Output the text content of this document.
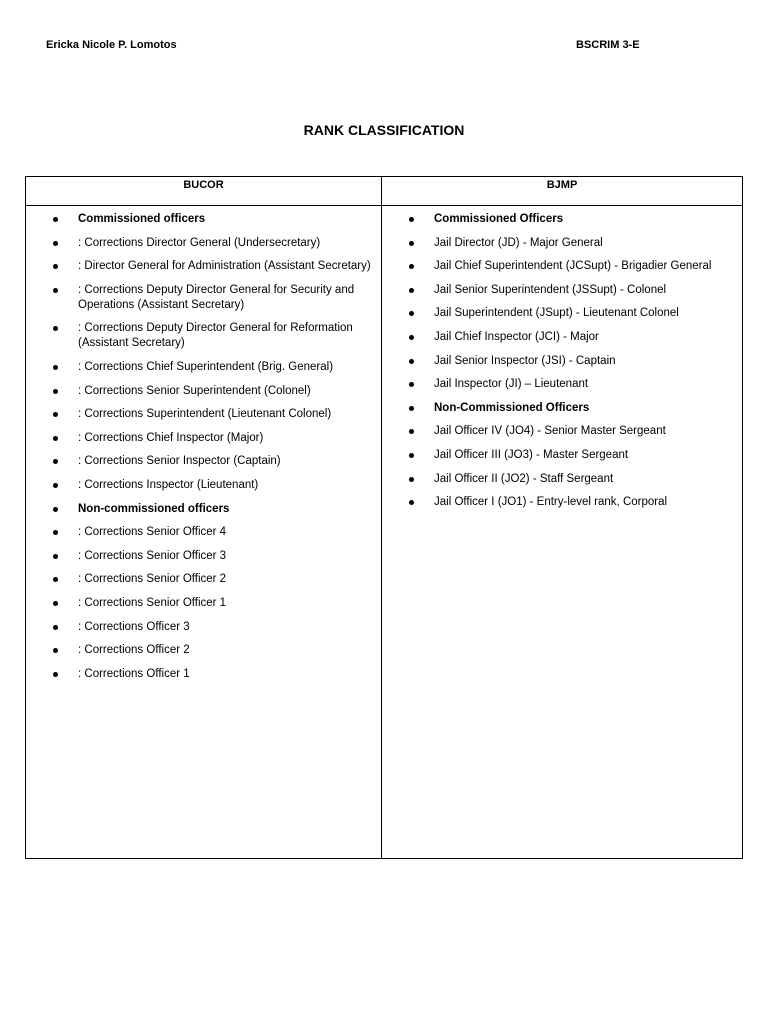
Ericka Nicole P. Lomotos	BSCRIM 3-E
RANK CLASSIFICATION
BUCOR	BJMP
Commissioned officers
: Corrections Director General (Undersecretary)
: Director General for Administration (Assistant Secretary)
: Corrections Deputy Director General for Security and Operations (Assistant Secretary)
: Corrections Deputy Director General for Reformation (Assistant Secretary)
: Corrections Chief Superintendent (Brig. General)
: Corrections Senior Superintendent (Colonel)
: Corrections Superintendent (Lieutenant Colonel)
: Corrections Chief Inspector (Major)
: Corrections Senior Inspector (Captain)
: Corrections Inspector (Lieutenant)
Non-commissioned officers
: Corrections Senior Officer 4
: Corrections Senior Officer 3
: Corrections Senior Officer 2
: Corrections Senior Officer 1
: Corrections Officer 3
: Corrections Officer 2
: Corrections Officer 1
Commissioned Officers
Jail Director (JD) - Major General
Jail Chief Superintendent (JCSupt) - Brigadier General
Jail Senior Superintendent (JSSupt) - Colonel
Jail Superintendent (JSupt) - Lieutenant Colonel
Jail Chief Inspector (JCI) - Major
Jail Senior Inspector (JSI) - Captain
Jail Inspector (JI) – Lieutenant
Non-Commissioned Officers
Jail Officer IV (JO4) - Senior Master Sergeant
Jail Officer III (JO3) - Master Sergeant
Jail Officer II (JO2) - Staff Sergeant
Jail Officer I (JO1) - Entry-level rank, Corporal
